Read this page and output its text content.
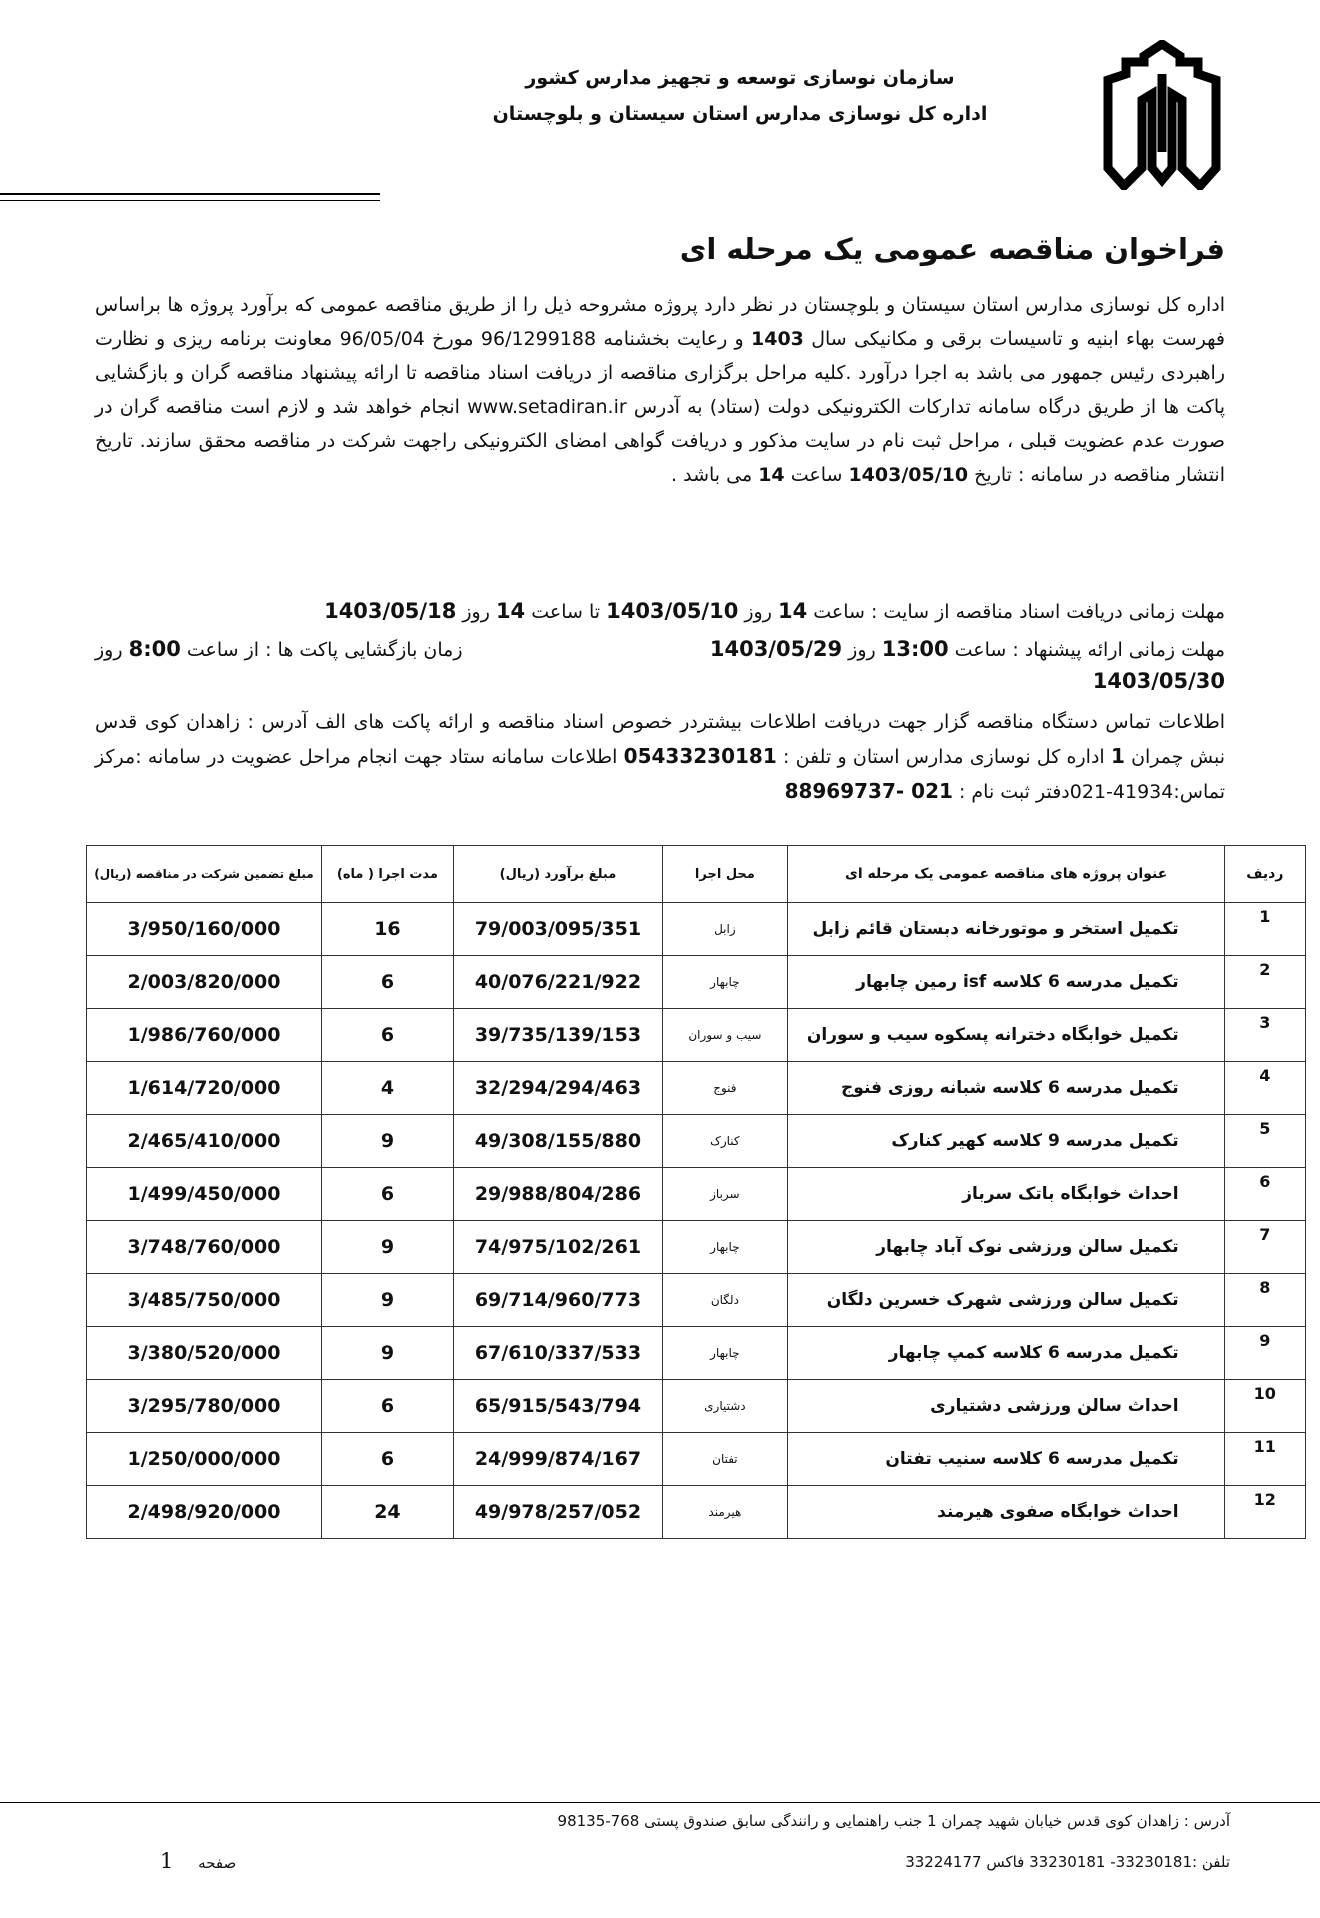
سازمان نوسازی توسعه و تجهیز مدارس کشور
اداره کل نوسازی مدارس استان سیستان و بلوچستان
فراخوان مناقصه عمومی یک مرحله ای
اداره کل نوسازی مدارس استان سیستان و بلوچستان در نظر دارد پروژه مشروحه ذیل را از طریق مناقصه عمومی که برآورد پروژه ها براساس فهرست بهاء ابنیه و تاسیسات برقی و مکانیکی سال 1403 و رعایت بخشنامه 96/1299188 مورخ 96/05/04 معاونت برنامه ریزی و نظارت راهبردی رئیس جمهور می باشد به اجرا درآورد .کلیه مراحل برگزاری مناقصه از دریافت اسناد مناقصه تا ارائه پیشنهاد مناقصه گران و بازگشایی پاکت ها از طریق درگاه سامانه تدارکات الکترونیکی دولت (ستاد) به آدرس www.setadiran.ir انجام خواهد شد و لازم است مناقصه گران در صورت عدم عضویت قبلی ، مراحل ثبت نام در سایت مذکور و دریافت گواهی امضای الکترونیکی راجهت شرکت در مناقصه محقق سازند. تاریخ انتشار مناقصه در سامانه : تاریخ 1403/05/10 ساعت 14 می باشد .
مهلت زمانی دریافت اسناد مناقصه از سایت : ساعت 14 روز 1403/05/10 تا ساعت 14 روز 1403/05/18
مهلت زمانی ارائه پیشنهاد : ساعت 13:00 روز 1403/05/29
زمان بازگشایی پاکت ها : از ساعت 8:00 روز
1403/05/30
اطلاعات تماس دستگاه مناقصه گزار جهت دریافت اطلاعات بیشتردر خصوص اسناد مناقصه و ارائه پاکت های الف آدرس : زاهدان کوی قدس نبش چمران 1 اداره کل نوسازی مدارس استان و تلفن : 05433230181 اطلاعات سامانه ستاد جهت انجام مراحل عضویت در سامانه :مرکز تماس:41934-021دفتر ثبت نام : 88969737- 021
ردیف	عنوان پروژه های مناقصه عمومی یک مرحله ای	محل اجرا	مبلغ برآورد (ریال)	مدت اجرا ( ماه)	مبلغ تضمین شرکت در مناقصه (ریال)
1	تکمیل استخر و موتورخانه دبستان قائم زابل	زابل	79/003/095/351	16	3/950/160/000
2	تکمیل مدرسه 6 کلاسه isf رمین چابهار	چابهار	40/076/221/922	6	2/003/820/000
3	تکمیل خوابگاه دخترانه پسکوه سیب و سوران	سیب و سوران	39/735/139/153	6	1/986/760/000
4	تکمیل مدرسه 6 کلاسه شبانه روزی فنوج	فنوج	32/294/294/463	4	1/614/720/000
5	تکمیل مدرسه 9 کلاسه کهیر کنارک	کنارک	49/308/155/880	9	2/465/410/000
6	احداث خوابگاه باتک سرباز	سرباز	29/988/804/286	6	1/499/450/000
7	تکمیل سالن ورزشی نوک آباد چابهار	چابهار	74/975/102/261	9	3/748/760/000
8	تکمیل سالن ورزشی شهرک خسرین دلگان	دلگان	69/714/960/773	9	3/485/750/000
9	تکمیل مدرسه 6 کلاسه کمپ چابهار	چابهار	67/610/337/533	9	3/380/520/000
10	احداث سالن ورزشی دشتیاری	دشتیاری	65/915/543/794	6	3/295/780/000
11	تکمیل مدرسه 6 کلاسه سنیب تفتان	تفتان	24/999/874/167	6	1/250/000/000
12	احداث خوابگاه صفوی هیرمند	هیرمند	49/978/257/052	24	2/498/920/000
آدرس : زاهدان کوی قدس خیابان شهید چمران 1 جنب راهنمایی و رانندگی سابق صندوق پستی 768-98135
تلفن :33230181- 33230181 فاکس 33224177
صفحه 1
